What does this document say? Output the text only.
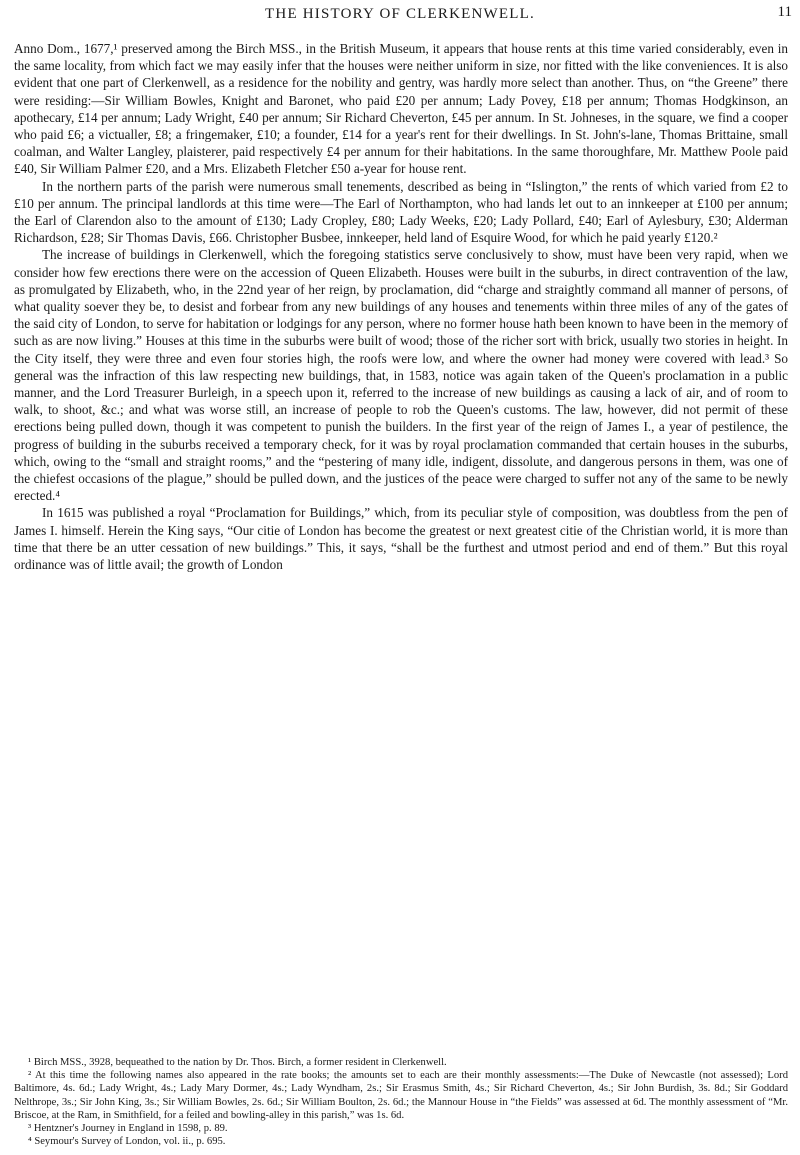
THE HISTORY OF CLERKENWELL.	11

Anno Dom., 1677,¹ preserved among the Birch MSS., in the British Museum, it appears that house rents at this time varied considerably, even in the same locality, from which fact we may easily infer that the houses were neither uniform in size, nor fitted with the like conveniences. It is also evident that one part of Clerkenwell, as a residence for the nobility and gentry, was hardly more select than another. Thus, on “the Greene” there were residing:—Sir William Bowles, Knight and Baronet, who paid £20 per annum; Lady Povey, £18 per annum; Thomas Hodgkinson, an apothecary, £14 per annum; Lady Wright, £40 per annum; Sir Richard Cheverton, £45 per annum. In St. Johneses, in the square, we find a cooper who paid £6; a victualler, £8; a fringemaker, £10; a founder, £14 for a year's rent for their dwellings. In St. John's-lane, Thomas Brittaine, small coalman, and Walter Langley, plaisterer, paid respectively £4 per annum for their habitations. In the same thoroughfare, Mr. Matthew Poole paid £40, Sir William Palmer £20, and a Mrs. Elizabeth Fletcher £50 a-year for house rent.

In the northern parts of the parish were numerous small tenements, described as being in “Islington,” the rents of which varied from £2 to £10 per annum. The principal landlords at this time were—The Earl of Northampton, who had lands let out to an innkeeper at £100 per annum; the Earl of Clarendon also to the amount of £130; Lady Cropley, £80; Lady Weeks, £20; Lady Pollard, £40; Earl of Aylesbury, £30; Alderman Richardson, £28; Sir Thomas Davis, £66. Christopher Busbee, innkeeper, held land of Esquire Wood, for which he paid yearly £120.²

The increase of buildings in Clerkenwell, which the foregoing statistics serve conclusively to show, must have been very rapid, when we consider how few erections there were on the accession of Queen Elizabeth. Houses were built in the suburbs, in direct contravention of the law, as promulgated by Elizabeth, who, in the 22nd year of her reign, by proclamation, did “charge and straightly command all manner of persons, of what quality soever they be, to desist and forbear from any new buildings of any houses and tenements within three miles of any of the gates of the said city of London, to serve for habitation or lodgings for any person, where no former house hath been known to have been in the memory of such as are now living.” Houses at this time in the suburbs were built of wood; those of the richer sort with brick, usually two stories in height. In the City itself, they were three and even four stories high, the roofs were low, and where the owner had money were covered with lead.³ So general was the infraction of this law respecting new buildings, that, in 1583, notice was again taken of the Queen's proclamation in a public manner, and the Lord Treasurer Burleigh, in a speech upon it, referred to the increase of new buildings as causing a lack of air, and of room to walk, to shoot, &c.; and what was worse still, an increase of people to rob the Queen's customs. The law, however, did not permit of these erections being pulled down, though it was competent to punish the builders. In the first year of the reign of James I., a year of pestilence, the progress of building in the suburbs received a temporary check, for it was by royal proclamation commanded that certain houses in the suburbs, which, owing to the “small and straight rooms,” and the “pestering of many idle, indigent, dissolute, and dangerous persons in them, was one of the chiefest occasions of the plague,” should be pulled down, and the justices of the peace were charged to suffer not any of the same to be newly erected.⁴

In 1615 was published a royal “Proclamation for Buildings,” which, from its peculiar style of composition, was doubtless from the pen of James I. himself. Herein the King says, “Our citie of London has become the greatest or next greatest citie of the Christian world, it is more than time that there be an utter cessation of new buildings.” This, it says, “shall be the furthest and utmost period and end of them.” But this royal ordinance was of little avail; the growth of London

¹ Birch MSS., 3928, bequeathed to the nation by Dr. Thos. Birch, a former resident in Clerkenwell.

² At this time the following names also appeared in the rate books; the amounts set to each are their monthly assessments:—The Duke of Newcastle (not assessed); Lord Baltimore, 4s. 6d.; Lady Wright, 4s.; Lady Mary Dormer, 4s.; Lady Wyndham, 2s.; Sir Erasmus Smith, 4s.; Sir Richard Cheverton, 4s.; Sir John Burdish, 3s. 8d.; Sir Goddard Nelthrope, 3s.; Sir John King, 3s.; Sir William Bowles, 2s. 6d.; Sir William Boulton, 2s. 6d.; the Mannour House in “the Fields” was assessed at 6d. The monthly assessment of “Mr. Briscoe, at the Ram, in Smithfield, for a feiled and bowling-alley in this parish,” was 1s. 6d.

³ Hentzner's Journey in England in 1598, p. 89.

⁴ Seymour's Survey of London, vol. ii., p. 695.
